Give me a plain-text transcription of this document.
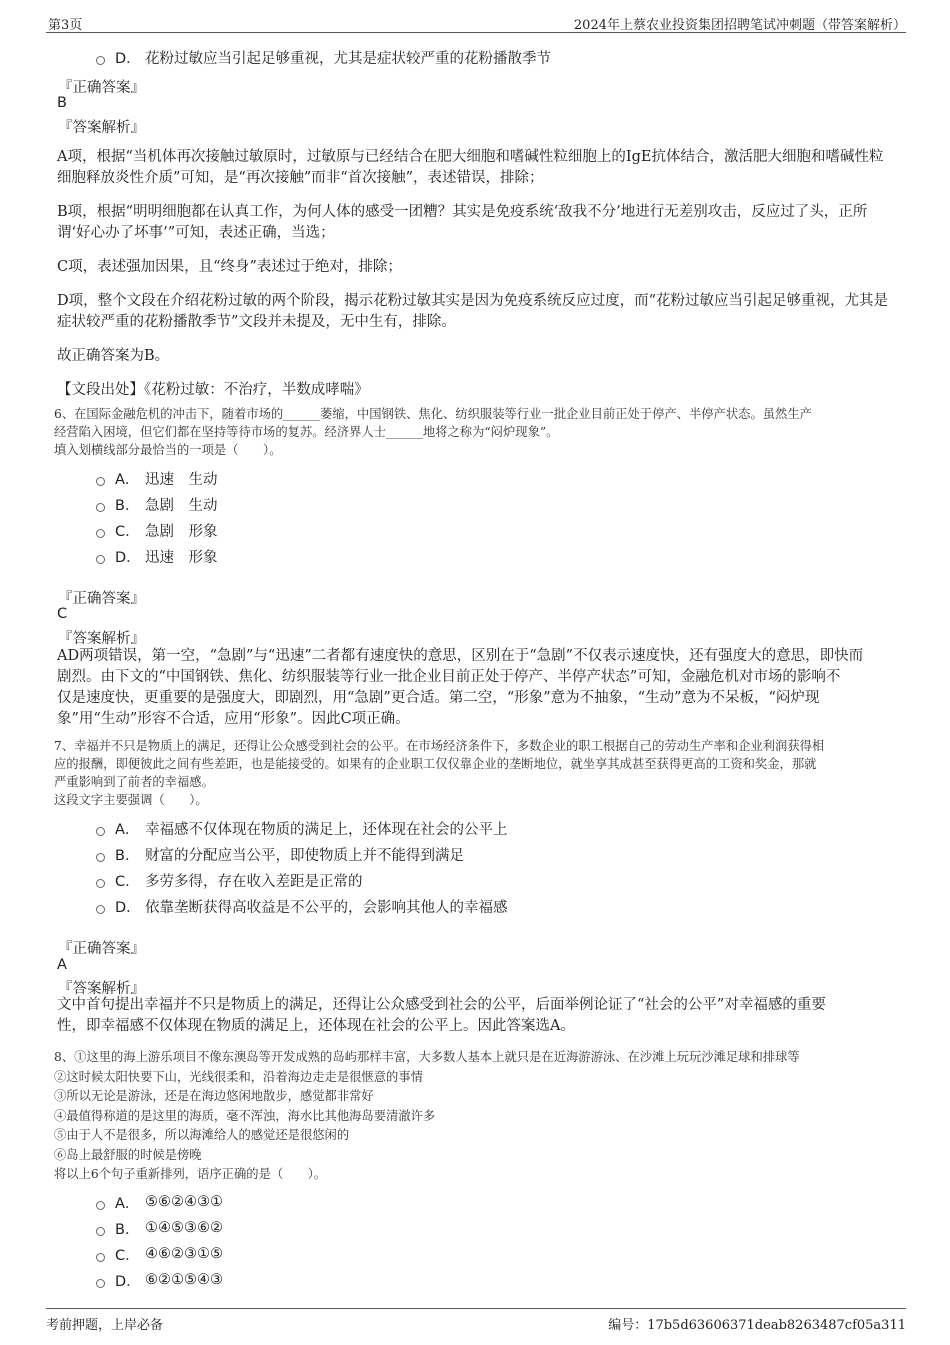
第3页	2024年上蔡农业投资集团招聘笔试冲刺题（带答案解析）
D． 花粉过敏应当引起足够重视，尤其是症状较严重的花粉播散季节
『正确答案』
B
『答案解析』

A项，根据“当机体再次接触过敏原时，过敏原与已经结合在肥大细胞和嗜碱性粒细胞上的IgE抗体结合，激活肥大细胞和嗜碱性粒细胞释放炎性介质”可知，是“再次接触”而非“首次接触”，表述错误，排除；

B项，根据“明明细胞都在认真工作，为何人体的感受一团糟？其实是免疫系统‘敌我不分’地进行无差别攻击，反应过了头，正所谓‘好心办了坏事’”可知，表述正确，当选；

C项，表述强加因果，且“终身”表述过于绝对，排除；

D项，整个文段在介绍花粉过敏的两个阶段，揭示花粉过敏其实是因为免疫系统反应过度，而“花粉过敏应当引起足够重视，尤其是症状较严重的花粉播散季节”文段并未提及，无中生有，排除。

故正确答案为B。

【文段出处】《花粉过敏：不治疗，半数成哮喘》

6、在国际金融危机的冲击下，随着市场的______萎缩，中国钢铁、焦化、纺织服装等行业一批企业目前正处于停产、半停产状态。虽然生产
经营陷入困境，但它们都在坚持等待市场的复苏。经济界人士______地将之称为“闷炉现象”。
填入划横线部分最恰当的一项是（　　）。
A． 迅速　生动
B． 急剧　生动
C． 急剧　形象
D． 迅速　形象
『正确答案』
C
『答案解析』
AD两项错误，第一空，“急剧”与“迅速”二者都有速度快的意思，区别在于“急剧”不仅表示速度快，还有强度大的意思，即快而
剧烈。由下文的“中国钢铁、焦化、纺织服装等行业一批企业目前正处于停产、半停产状态”可知，金融危机对市场的影响不
仅是速度快，更重要的是强度大，即剧烈，用“急剧”更合适。第二空，“形象”意为不抽象，“生动”意为不呆板，“闷炉现
象”用“生动”形容不合适，应用“形象”。因此C项正确。
7、幸福并不只是物质上的满足，还得让公众感受到社会的公平。在市场经济条件下，多数企业的职工根据自己的劳动生产率和企业利润获得相
应的报酬，即便彼此之间有些差距，也是能接受的。如果有的企业职工仅仅靠企业的垄断地位，就坐享其成甚至获得更高的工资和奖金，那就
严重影响到了前者的幸福感。
这段文字主要强调（　　）。
A． 幸福感不仅体现在物质的满足上，还体现在社会的公平上
B． 财富的分配应当公平，即使物质上并不能得到满足
C． 多劳多得，存在收入差距是正常的
D． 依靠垄断获得高收益是不公平的，会影响其他人的幸福感
『正确答案』
A
『答案解析』
文中首句提出幸福并不只是物质上的满足，还得让公众感受到社会的公平，后面举例论证了“社会的公平”对幸福感的重要
性，即幸福感不仅体现在物质的满足上，还体现在社会的公平上。因此答案选A。
8、①这里的海上游乐项目不像东澳岛等开发成熟的岛屿那样丰富，大多数人基本上就只是在近海游游泳、在沙滩上玩玩沙滩足球和排球等
②这时候太阳快要下山，光线很柔和，沿着海边走走是很惬意的事情
③所以无论是游泳，还是在海边悠闲地散步，感觉都非常好
④最值得称道的是这里的海质，毫不浑浊，海水比其他海岛要清澈许多
⑤由于人不是很多，所以海滩给人的感觉还是很悠闲的
⑥岛上最舒服的时候是傍晚
将以上6个句子重新排列，语序正确的是（　　）。
A． ⑤⑥②④③①
B． ①④⑤③⑥②
C． ④⑥②③①⑤
D． ⑥②①⑤④③
考前押题，上岸必备	编号：17b5d63606371deab8263487cf05a311
